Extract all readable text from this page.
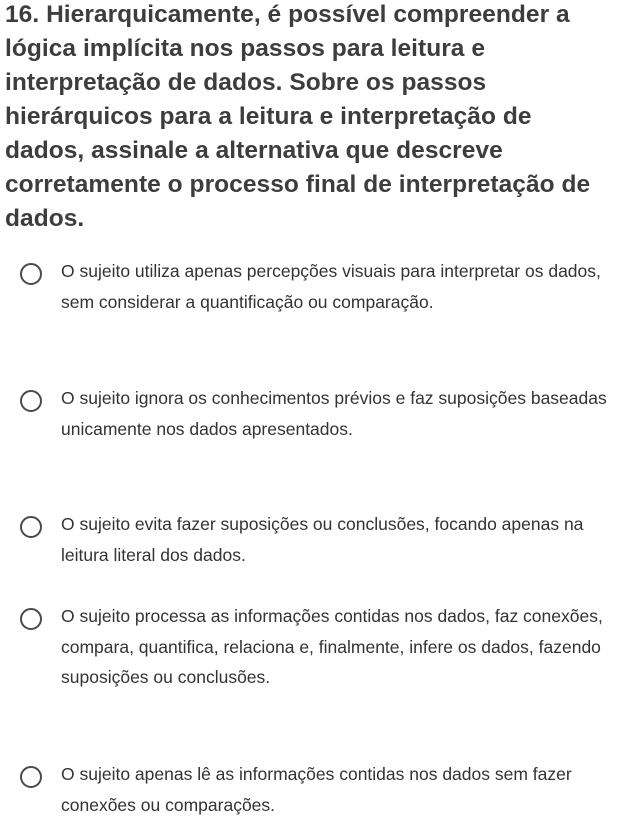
16. Hierarquicamente, é possível compreender a lógica implícita nos passos para leitura e interpretação de dados. Sobre os passos hierárquicos para a leitura e interpretação de dados, assinale a alternativa que descreve corretamente o processo final de interpretação de dados.
O sujeito utiliza apenas percepções visuais para interpretar os dados, sem considerar a quantificação ou comparação.
O sujeito ignora os conhecimentos prévios e faz suposições baseadas unicamente nos dados apresentados.
O sujeito evita fazer suposições ou conclusões, focando apenas na leitura literal dos dados.
O sujeito processa as informações contidas nos dados, faz conexões, compara, quantifica, relaciona e, finalmente, infere os dados, fazendo suposições ou conclusões.
O sujeito apenas lê as informações contidas nos dados sem fazer conexões ou comparações.
